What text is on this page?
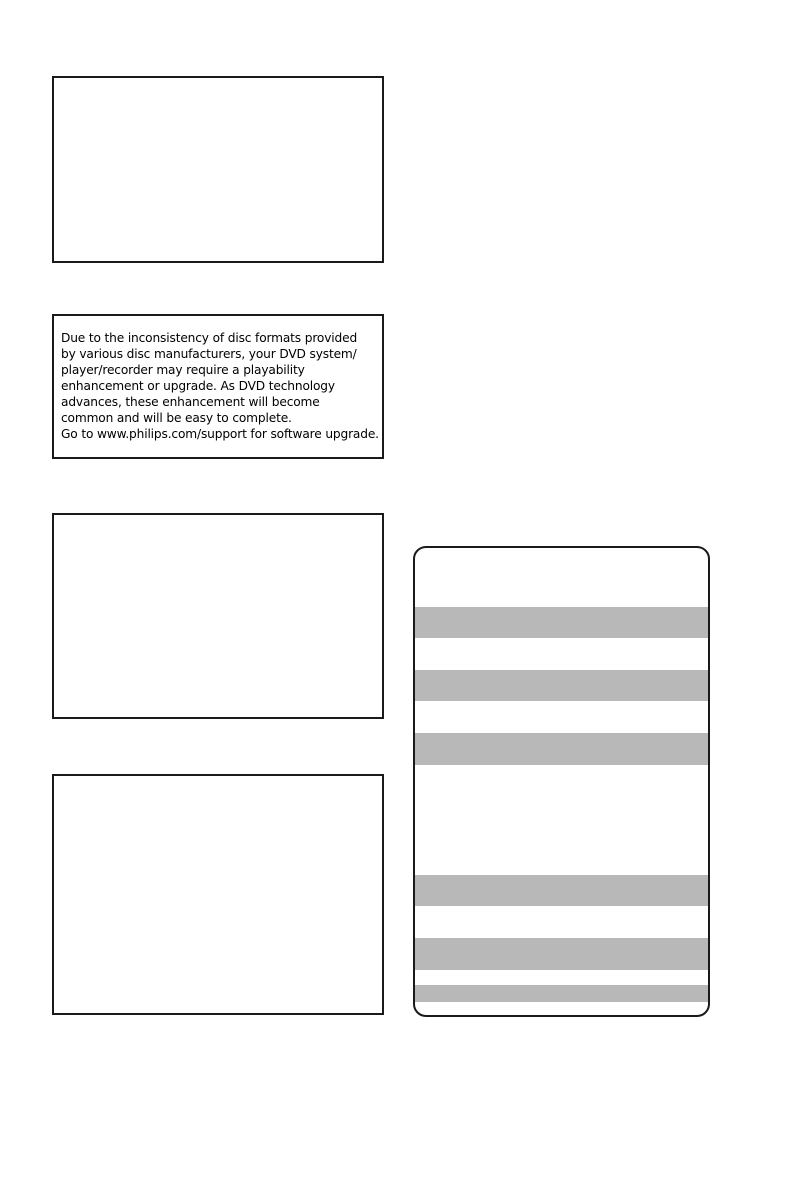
Due to the inconsistency of disc formats provided
by various disc manufacturers, your DVD system/
player/recorder may require a playability
enhancement or upgrade. As DVD technology
advances, these enhancement will become
common and will be easy to complete.
Go to www.philips.com/support for software upgrade.
